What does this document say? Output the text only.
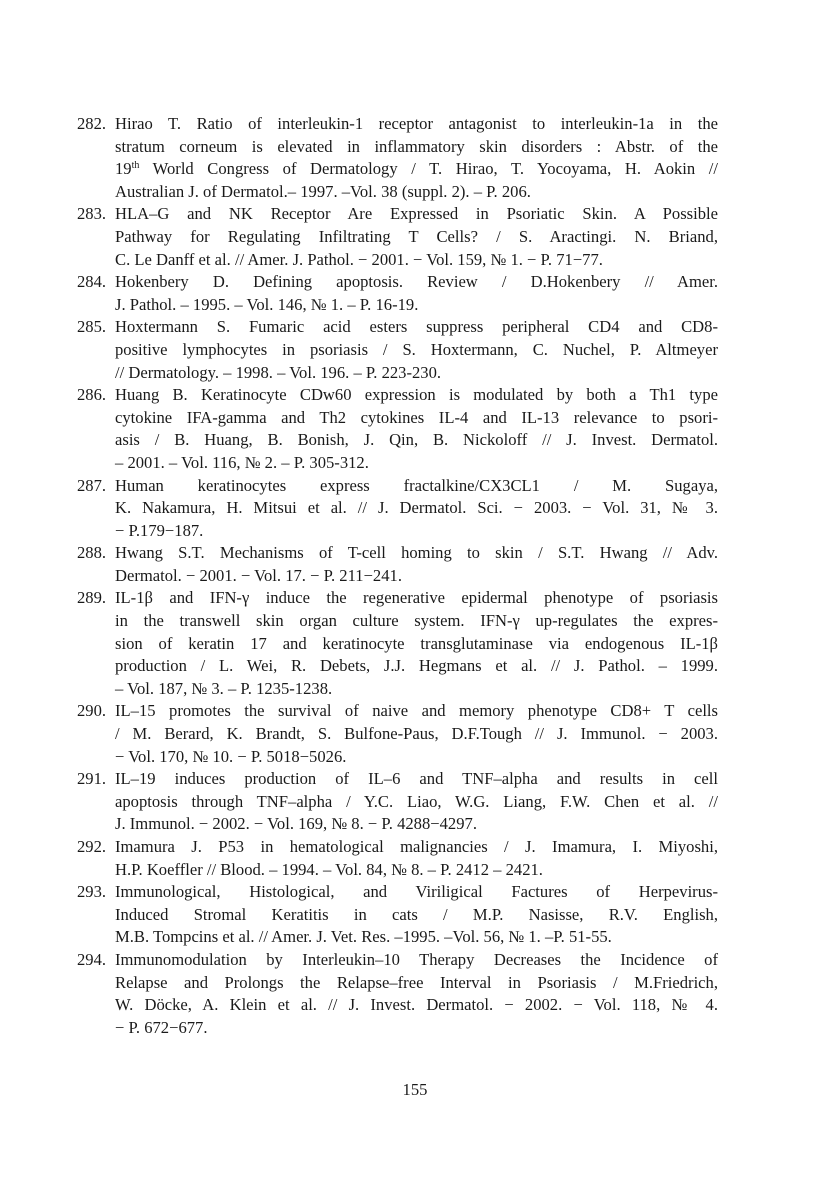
282. Hirao T. Ratio of interleukin-1 receptor antagonist to interleukin-1a in the
stratum corneum is elevated in inflammatory skin disorders : Abstr. of the
19th World Congress of Dermatology / T. Hirao, T. Yocoyama, H. Aokin //
Australian J. of Dermatol.– 1997. –Vol. 38 (suppl. 2). – P. 206.
283. HLA–G and NK Receptor Are Expressed in Psoriatic Skin. A Possible
Pathway for Regulating Infiltrating T Cells? / S. Aractingi. N. Briand,
C. Le Danff et al. // Amer. J. Pathol. − 2001. − Vol. 159, № 1. − P. 71−77.
284. Hokenbery D. Defining apoptosis. Review / D.Hokenbery // Amer.
J. Pathol. – 1995. – Vol. 146, № 1. – P. 16-19.
285. Hoxtermann S. Fumaric acid esters suppress peripheral CD4 and CD8-
positive lymphocytes in psoriasis / S. Hoxtermann, C. Nuchel, P. Altmeyer
// Dermatology. – 1998. – Vol. 196. – P. 223-230.
286. Huang B. Keratinocyte CDw60 expression is modulated by both a Th1 type
cytokine IFA-gamma and Th2 cytokines IL-4 and IL-13 relevance to psori-
asis / B. Huang, B. Bonish, J. Qin, B. Nickoloff // J. Invest. Dermatol.
– 2001. – Vol. 116, № 2. – P. 305-312.
287. Human keratinocytes express fractalkine/CX3CL1 / M. Sugaya,
K. Nakamura, H. Mitsui et al. // J. Dermatol. Sci. − 2003. − Vol. 31, № 3.
− P.179−187.
288. Hwang S.T. Mechanisms of T-cell homing to skin / S.T. Hwang // Adv.
Dermatol. − 2001. − Vol. 17. − P. 211−241.
289. IL-1β and IFN-γ induce the regenerative epidermal phenotype of psoriasis
in the transwell skin organ culture system. IFN-γ up-regulates the expres-
sion of keratin 17 and keratinocyte transglutaminase via endogenous IL-1β
production / L. Wei, R. Debets, J.J. Hegmans et al. // J. Pathol. – 1999.
– Vol. 187, № 3. – P. 1235-1238.
290. IL–15 promotes the survival of naive and memory phenotype CD8+ T cells
/ M. Berard, K. Brandt, S. Bulfone-Paus, D.F.Tough // J. Immunol. − 2003.
− Vol. 170, № 10. − P. 5018−5026.
291. IL–19 induces production of IL–6 and TNF–alpha and results in cell
apoptosis through TNF–alpha / Y.C. Liao, W.G. Liang, F.W. Chen et al. //
J. Immunol. − 2002. − Vol. 169, № 8. − P. 4288−4297.
292. Imamura J. P53 in hematological malignancies / J. Imamura, I. Miyoshi,
H.P. Koeffler // Blood. – 1994. – Vol. 84, № 8. – P. 2412 – 2421.
293. Immunological, Histological, and Viriligical Factures of Herpevirus-
Induced Stromal Keratitis in cats / M.P. Nasisse, R.V. English,
M.B. Tompcins et al. // Amer. J. Vet. Res. –1995. –Vol. 56, № 1. –P. 51-55.
294. Immunomodulation by Interleukin–10 Therapy Decreases the Incidence of
Relapse and Prolongs the Relapse–free Interval in Psoriasis / M.Friedrich,
W. Döcke, A. Klein et al. // J. Invest. Dermatol. − 2002. − Vol. 118, № 4.
− P. 672−677.
155
